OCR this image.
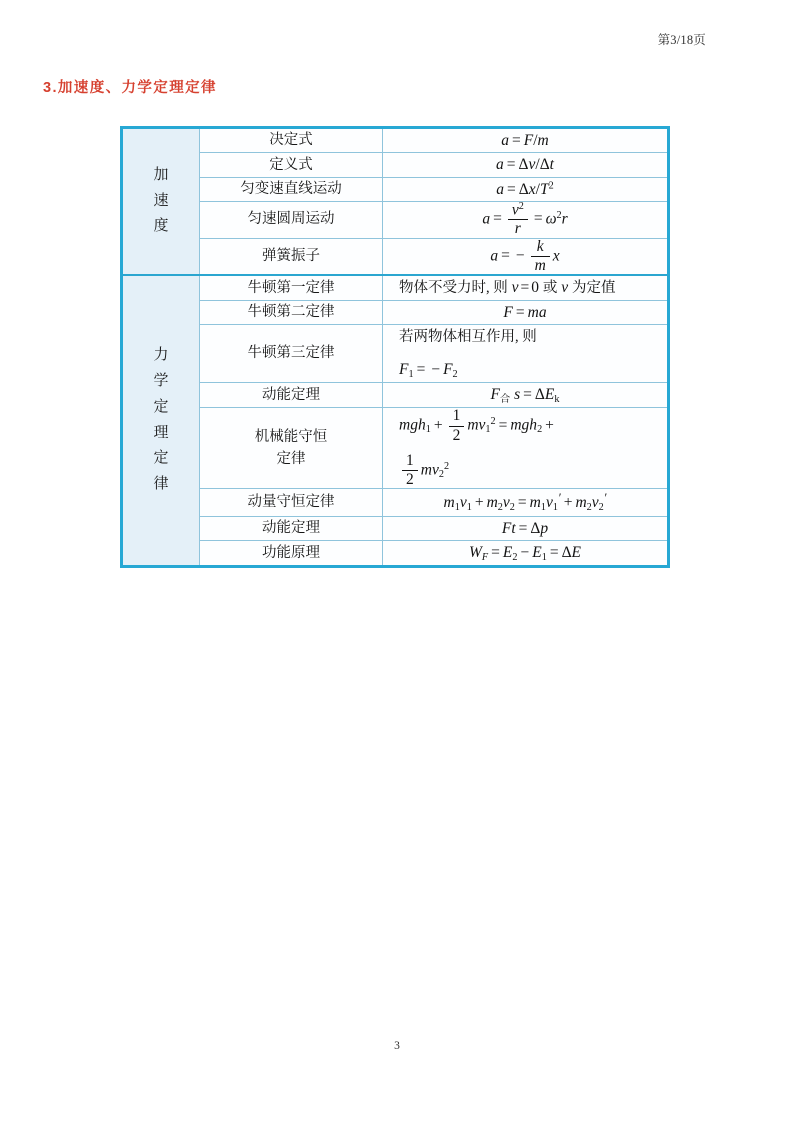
第3/18页
3.加速度、力学定理定律
加
速
度	决定式	a = F/m
	定义式	a = Δv/Δt
	匀变速直线运动	$a = \Delta x/T^2$
	匀速圆周运动	$a = \frac{v^2}{r} = \omega^2r$
	弹簧振子	a = − $\frac{k}{m}$ x

力
学
定
理
定
律
	牛顿第一定律	物体不受力时, 则 v = 0 或 v 为定值
	牛顿第二定律	F = ma
	牛顿第三定律	若两物体相互作用, 则
$F_1$ = − $F_2$

	动能定理	$F_合$ $s = \Delta E_k$
机械能守恒
定律	$mgh_1 + \frac{1}{2} mv_1^2 = mgh_2$ +
$\frac{1}{2} mv_2^2$

	动量守恒定律	$m_1v_1 + m_2v_2 = m_1v_1' + m_2v_2'$
	动能定理	Ft = Δp
	功能原理	$W_F = E_2 - E_1 = \Delta E$
3
